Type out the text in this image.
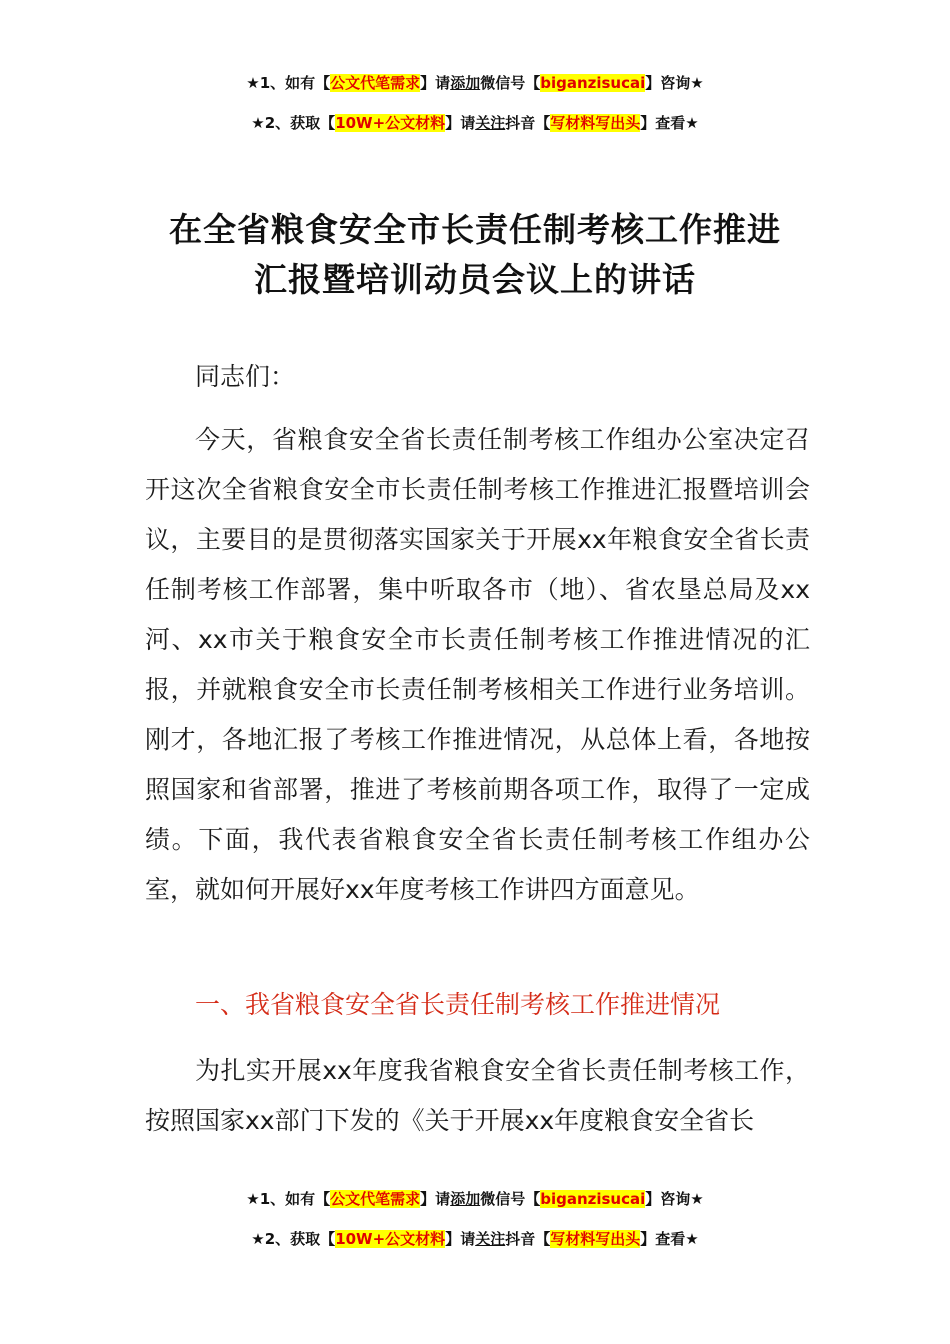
★1、如有【公文代笔需求】请添加微信号【biganzisucai】咨询★
★2、获取【10W+公文材料】请关注抖音【写材料写出头】查看★
在全省粮食安全市长责任制考核工作推进
汇报暨培训动员会议上的讲话
同志们：
今天，省粮食安全省长责任制考核工作组办公室决定召开这次全省粮食安全市长责任制考核工作推进汇报暨培训会议，主要目的是贯彻落实国家关于开展xx年粮食安全省长责任制考核工作部署，集中听取各市（地）、省农垦总局及xx河、xx市关于粮食安全市长责任制考核工作推进情况的汇报，并就粮食安全市长责任制考核相关工作进行业务培训。刚才，各地汇报了考核工作推进情况，从总体上看，各地按照国家和省部署，推进了考核前期各项工作，取得了一定成绩。下面，我代表省粮食安全省长责任制考核工作组办公室，就如何开展好xx年度考核工作讲四方面意见。
一、我省粮食安全省长责任制考核工作推进情况
为扎实开展xx年度我省粮食安全省长责任制考核工作，按照国家xx部门下发的《关于开展xx年度粮食安全省长
★1、如有【公文代笔需求】请添加微信号【biganzisucai】咨询★
★2、获取【10W+公文材料】请关注抖音【写材料写出头】查看★
